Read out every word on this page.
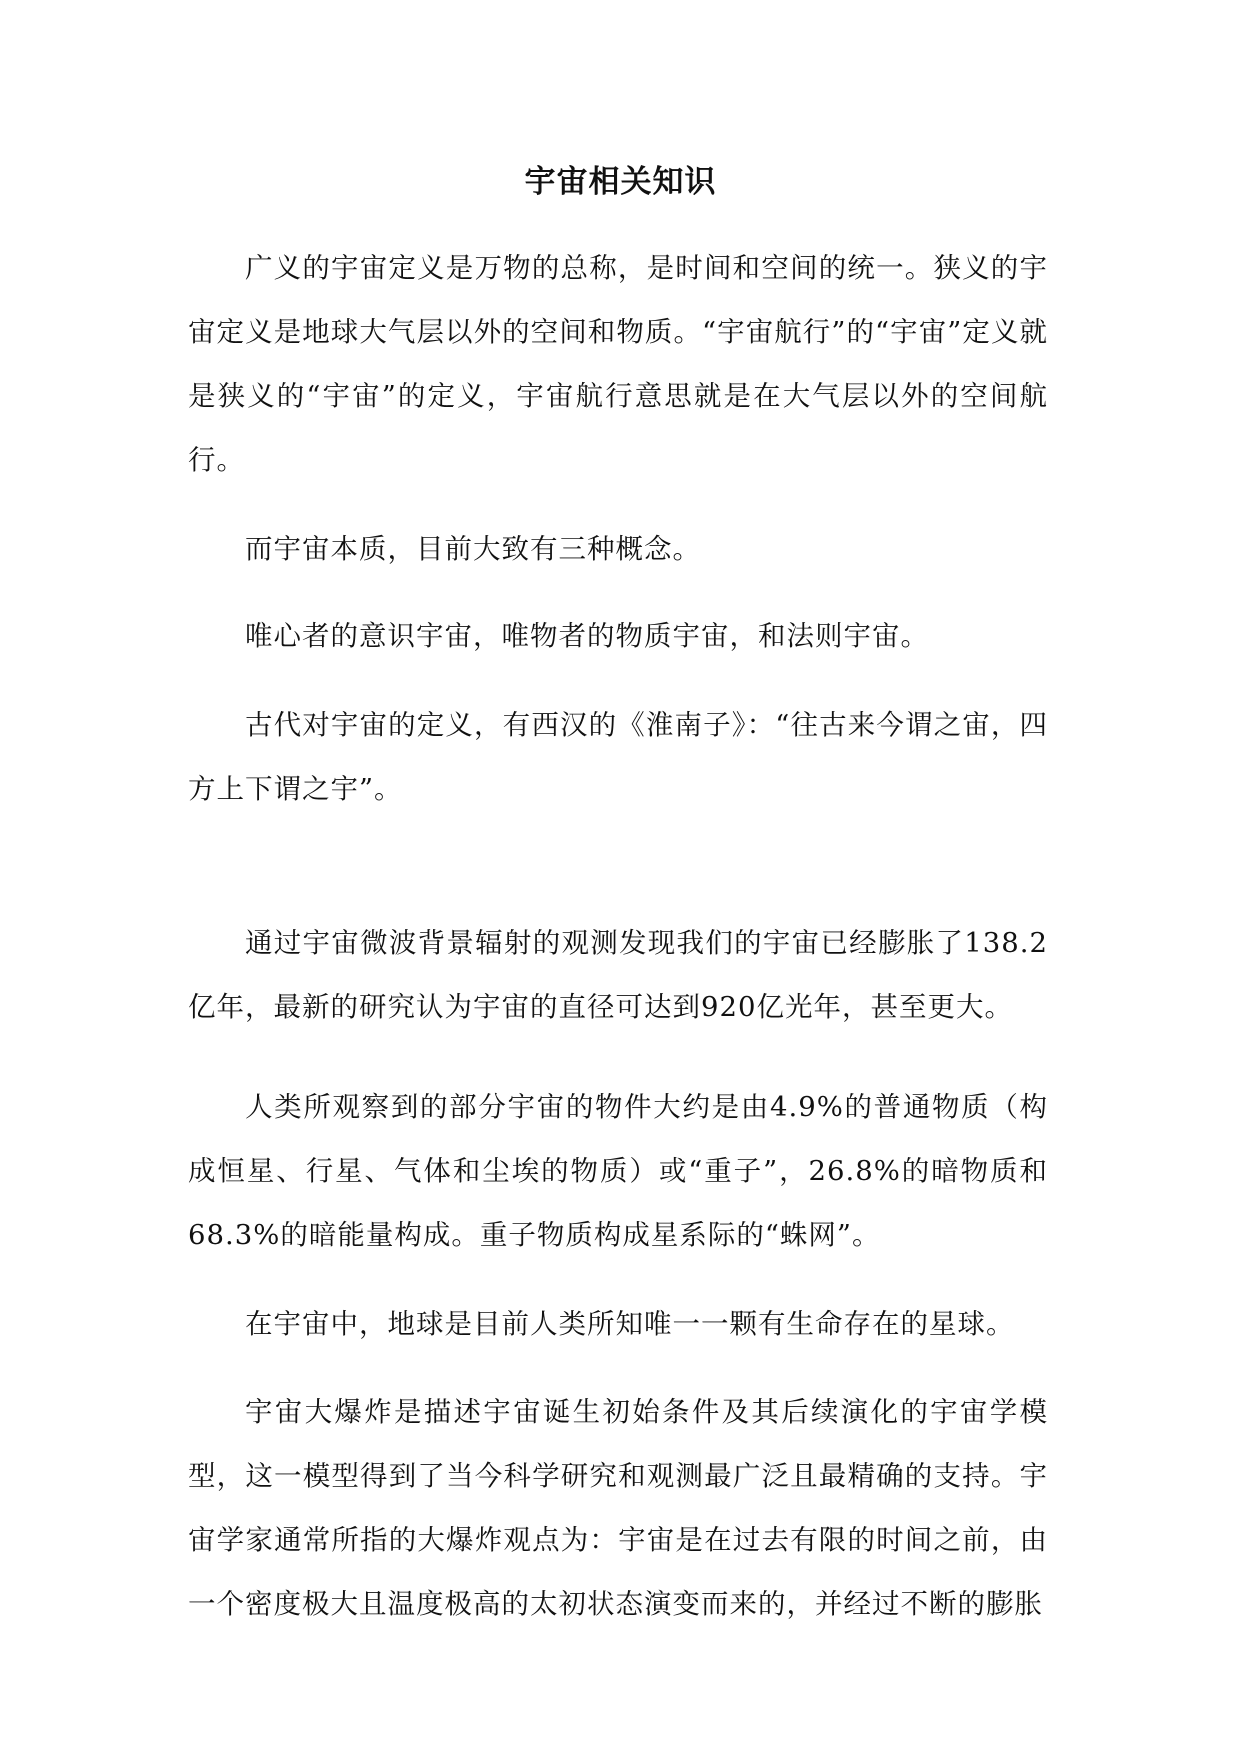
宇宙相关知识

广义的宇宙定义是万物的总称，是时间和空间的统一。狭义的宇宙定义是地球大气层以外的空间和物质。“宇宙航行”的“宇宙”定义就是狭义的“宇宙”的定义，宇宙航行意思就是在大气层以外的空间航行。

而宇宙本质，目前大致有三种概念。

唯心者的意识宇宙，唯物者的物质宇宙，和法则宇宙。

古代对宇宙的定义，有西汉的《淮南子》：“往古来今谓之宙，四方上下谓之宇”。

通过宇宙微波背景辐射的观测发现我们的宇宙已经膨胀了138.2亿年，最新的研究认为宇宙的直径可达到920亿光年，甚至更大。

人类所观察到的部分宇宙的物件大约是由4.9%的普通物质（构成恒星、行星、气体和尘埃的物质）或“重子”，26.8%的暗物质和68.3%的暗能量构成。重子物质构成星系际的“蛛网”。

在宇宙中，地球是目前人类所知唯一一颗有生命存在的星球。

宇宙大爆炸是描述宇宙诞生初始条件及其后续演化的宇宙学模型，这一模型得到了当今科学研究和观测最广泛且最精确的支持。宇宙学家通常所指的大爆炸观点为：宇宙是在过去有限的时间之前，由一个密度极大且温度极高的太初状态演变而来的，并经过不断的膨胀
